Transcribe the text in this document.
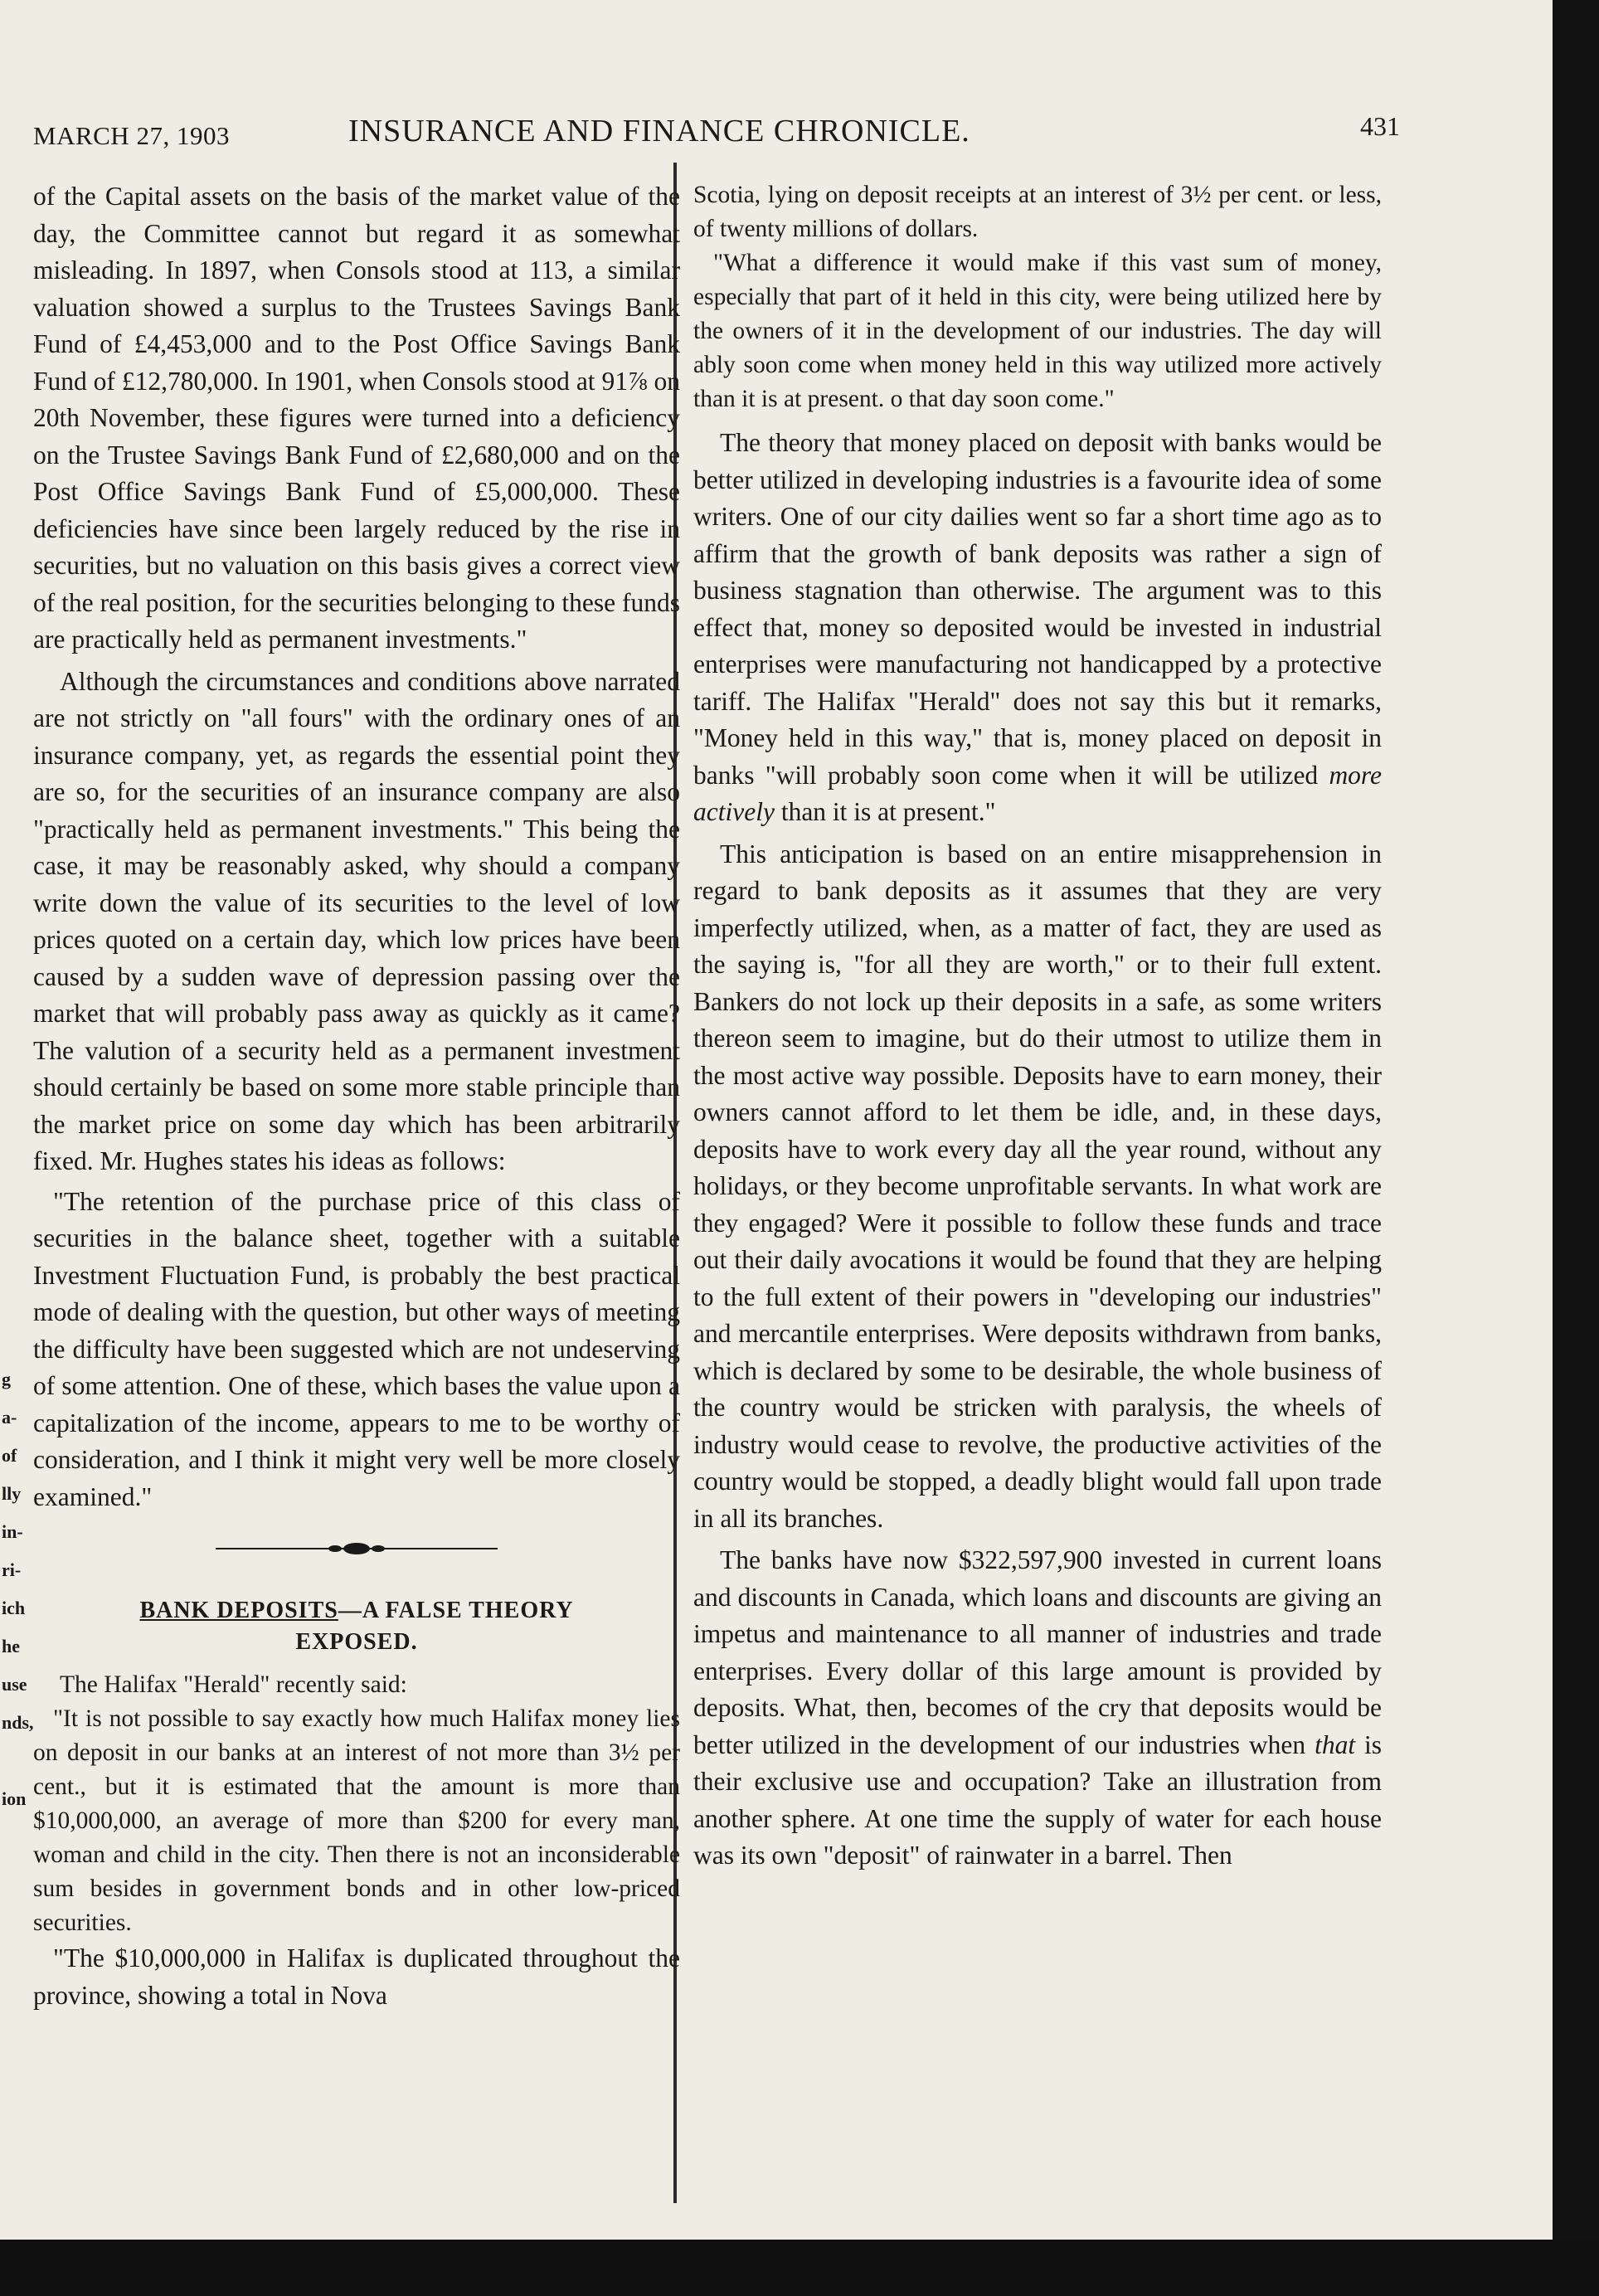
MARCH 27, 1903	INSURANCE AND FINANCE CHRONICLE.	431

of the Capital assets on the basis of the market value of the day, the Committee cannot but regard it as somewhat misleading. In 1897, when Consols stood at 113, a similar valuation showed a surplus to the Trustees Savings Bank Fund of £4,453,000 and to the Post Office Savings Bank Fund of £12,780,000. In 1901, when Consols stood at 91⅞ on 20th November, these figures were turned into a deficiency on the Trustee Savings Bank Fund of £2,680,000 and on the Post Office Savings Bank Fund of £5,000,000. These deficiencies have since been largely reduced by the rise in securities, but no valuation on this basis gives a correct view of the real position, for the securities belonging to these funds are practically held as permanent investments."

Although the circumstances and conditions above narrated are not strictly on "all fours" with the ordinary ones of an insurance company, yet, as regards the essential point they are so, for the securities of an insurance company are also "practically held as permanent investments." This being the case, it may be reasonably asked, why should a company write down the value of its securities to the level of low prices quoted on a certain day, which low prices have been caused by a sudden wave of depression passing over the market that will probably pass away as quickly as it came? The valution of a security held as a permanent investment should certainly be based on some more stable principle than the market price on some day which has been arbitrarily fixed. Mr. Hughes states his ideas as follows:

"The retention of the purchase price of this class of securities in the balance sheet, together with a suitable Investment Fluctuation Fund, is probably the best practical mode of dealing with the question, but other ways of meeting the difficulty have been suggested which are not undeserving of some attention. One of these, which bases the value upon a capitalization of the income, appears to me to be worthy of consideration, and I think it might very well be more closely examined."

BANK DEPOSITS—A FALSE THEORY
EXPOSED.

The Halifax "Herald" recently said:

"It is not possible to say exactly how much Halifax money lies on deposit in our banks at an interest of not more than 3½ per cent., but it is estimated that the amount is more than $10,000,000, an average of more than $200 for every man, woman and child in the city. Then there is not an inconsiderable sum besides in government bonds and in other low-priced securities.

"The $10,000,000 in Halifax is duplicated throughout the province, showing a total in Nova

Scotia, lying on deposit receipts at an interest of 3½ per cent. or less, of twenty millions of dollars.

"What a difference it would make if this vast sum of money, especially that part of it held in this city, were being utilized here by the owners of it in the development of our industries. The day will ably soon come when money held in this way utilized more actively than it is at present. o that day soon come."

The theory that money placed on deposit with banks would be better utilized in developing industries is a favourite idea of some writers. One of our city dailies went so far a short time ago as to affirm that the growth of bank deposits was rather a sign of business stagnation than otherwise. The argument was to this effect that, money so deposited would be invested in industrial enterprises were manufacturing not handicapped by a protective tariff. The Halifax "Herald" does not say this but it remarks, "Money held in this way," that is, money placed on deposit in banks "will probably soon come when it will be utilized more actively than it is at present."

This anticipation is based on an entire misapprehension in regard to bank deposits as it assumes that they are very imperfectly utilized, when, as a matter of fact, they are used as the saying is, "for all they are worth," or to their full extent. Bankers do not lock up their deposits in a safe, as some writers thereon seem to imagine, but do their utmost to utilize them in the most active way possible. Deposits have to earn money, their owners cannot afford to let them be idle, and, in these days, deposits have to work every day all the year round, without any holidays, or they become unprofitable servants. In what work are they engaged? Were it possible to follow these funds and trace out their daily avocations it would be found that they are helping to the full extent of their powers in "developing our industries" and mercantile enterprises. Were deposits withdrawn from banks, which is declared by some to be desirable, the whole business of the country would be stricken with paralysis, the wheels of industry would cease to revolve, the productive activities of the country would be stopped, a deadly blight would fall upon trade in all its branches.

The banks have now $322,597,900 invested in current loans and discounts in Canada, which loans and discounts are giving an impetus and maintenance to all manner of industries and trade enterprises. Every dollar of this large amount is provided by deposits. What, then, becomes of the cry that deposits would be better utilized in the development of our industries when that is their exclusive use and occupation? Take an illustration from another sphere. At one time the supply of water for each house was its own "deposit" of rainwater in a barrel. Then

g
a-
of
lly
in-
ri-
ich
he
use
nds,
ion
